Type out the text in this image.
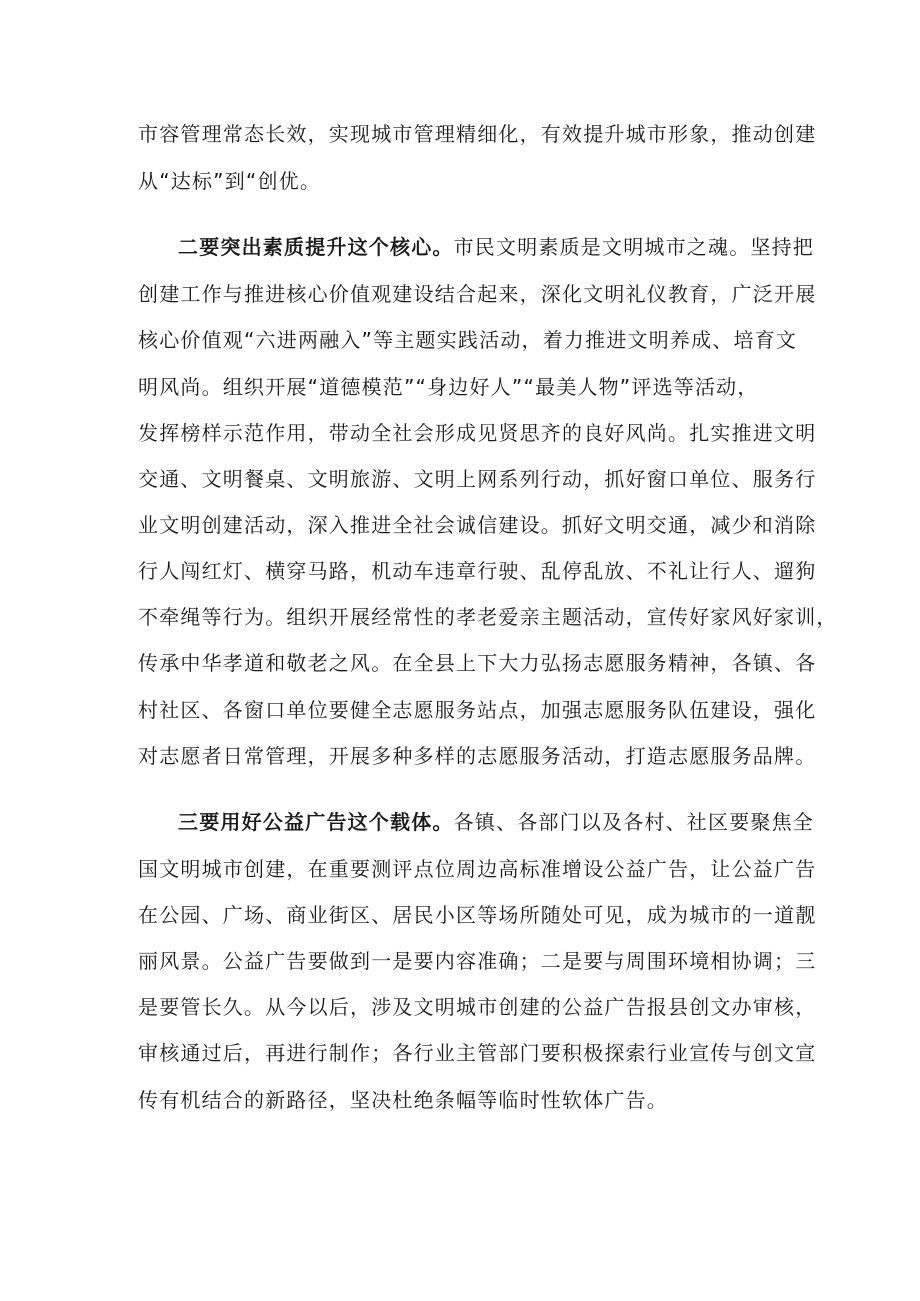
市容管理常态长效，实现城市管理精细化，有效提升城市形象，推动创建
从“达标”到“创优。
二要突出素质提升这个核心。市民文明素质是文明城市之魂。坚持把
创建工作与推进核心价值观建设结合起来，深化文明礼仪教育，广泛开展
核心价值观“六进两融入”等主题实践活动，着力推进文明养成、培育文
明风尚。组织开展“道德模范”“身边好人”“最美人物”评选等活动，
发挥榜样示范作用，带动全社会形成见贤思齐的良好风尚。扎实推进文明
交通、文明餐桌、文明旅游、文明上网系列行动，抓好窗口单位、服务行
业文明创建活动，深入推进全社会诚信建设。抓好文明交通，减少和消除
行人闯红灯、横穿马路，机动车违章行驶、乱停乱放、不礼让行人、遛狗
不牵绳等行为。组织开展经常性的孝老爱亲主题活动，宣传好家风好家训，
传承中华孝道和敬老之风。在全县上下大力弘扬志愿服务精神，各镇、各
村社区、各窗口单位要健全志愿服务站点，加强志愿服务队伍建设，强化
对志愿者日常管理，开展多种多样的志愿服务活动，打造志愿服务品牌。
三要用好公益广告这个载体。各镇、各部门以及各村、社区要聚焦全
国文明城市创建，在重要测评点位周边高标准增设公益广告，让公益广告
在公园、广场、商业街区、居民小区等场所随处可见，成为城市的一道靓
丽风景。公益广告要做到一是要内容准确；二是要与周围环境相协调；三
是要管长久。从今以后，涉及文明城市创建的公益广告报县创文办审核，
审核通过后，再进行制作；各行业主管部门要积极探索行业宣传与创文宣
传有机结合的新路径，坚决杜绝条幅等临时性软体广告。
